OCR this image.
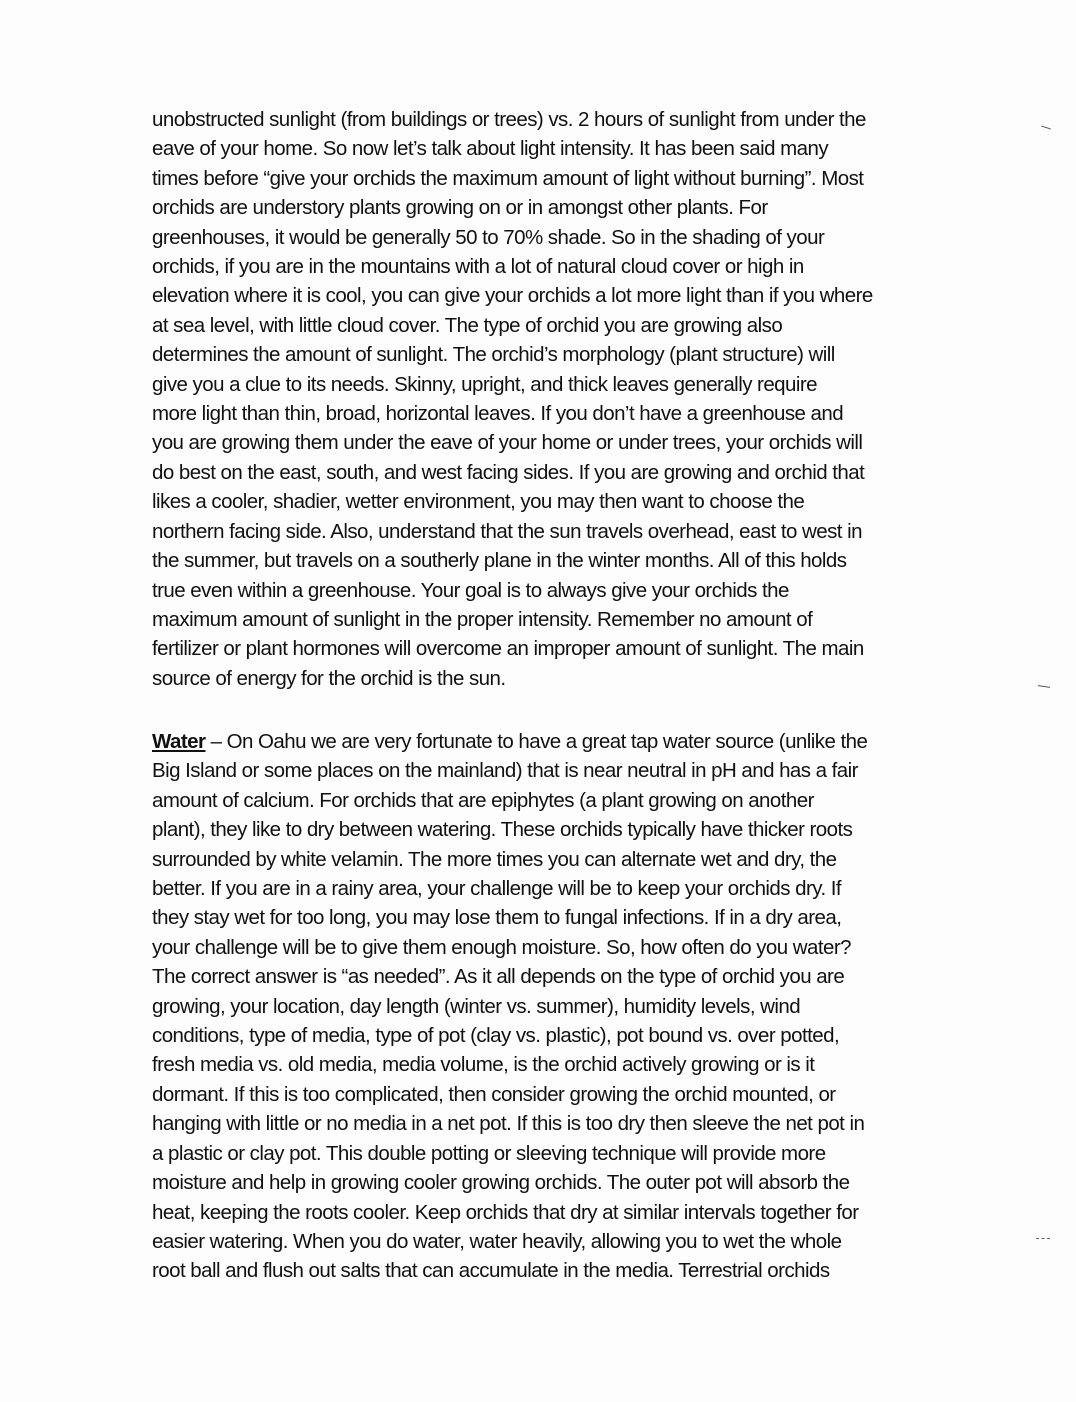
unobstructed sunlight (from buildings or trees) vs. 2 hours of sunlight from under the
eave of your home. So now let’s talk about light intensity. It has been said many
times before “give your orchids the maximum amount of light without burning”. Most
orchids are understory plants growing on or in amongst other plants. For
greenhouses, it would be generally 50 to 70% shade. So in the shading of your
orchids, if you are in the mountains with a lot of natural cloud cover or high in
elevation where it is cool, you can give your orchids a lot more light than if you where
at sea level, with little cloud cover. The type of orchid you are growing also
determines the amount of sunlight. The orchid’s morphology (plant structure) will
give you a clue to its needs. Skinny, upright, and thick leaves generally require
more light than thin, broad, horizontal leaves. If you don’t have a greenhouse and
you are growing them under the eave of your home or under trees, your orchids will
do best on the east, south, and west facing sides. If you are growing and orchid that
likes a cooler, shadier, wetter environment, you may then want to choose the
northern facing side. Also, understand that the sun travels overhead, east to west in
the summer, but travels on a southerly plane in the winter months. All of this holds
true even within a greenhouse. Your goal is to always give your orchids the
maximum amount of sunlight in the proper intensity. Remember no amount of
fertilizer or plant hormones will overcome an improper amount of sunlight. The main
source of energy for the orchid is the sun.
Water – On Oahu we are very fortunate to have a great tap water source (unlike the
Big Island or some places on the mainland) that is near neutral in pH and has a fair
amount of calcium. For orchids that are epiphytes (a plant growing on another
plant), they like to dry between watering. These orchids typically have thicker roots
surrounded by white velamin. The more times you can alternate wet and dry, the
better. If you are in a rainy area, your challenge will be to keep your orchids dry. If
they stay wet for too long, you may lose them to fungal infections. If in a dry area,
your challenge will be to give them enough moisture. So, how often do you water?
The correct answer is “as needed”. As it all depends on the type of orchid you are
growing, your location, day length (winter vs. summer), humidity levels, wind
conditions, type of media, type of pot (clay vs. plastic), pot bound vs. over potted,
fresh media vs. old media, media volume, is the orchid actively growing or is it
dormant. If this is too complicated, then consider growing the orchid mounted, or
hanging with little or no media in a net pot. If this is too dry then sleeve the net pot in
a plastic or clay pot. This double potting or sleeving technique will provide more
moisture and help in growing cooler growing orchids. The outer pot will absorb the
heat, keeping the roots cooler. Keep orchids that dry at similar intervals together for
easier watering. When you do water, water heavily, allowing you to wet the whole
root ball and flush out salts that can accumulate in the media. Terrestrial orchids
